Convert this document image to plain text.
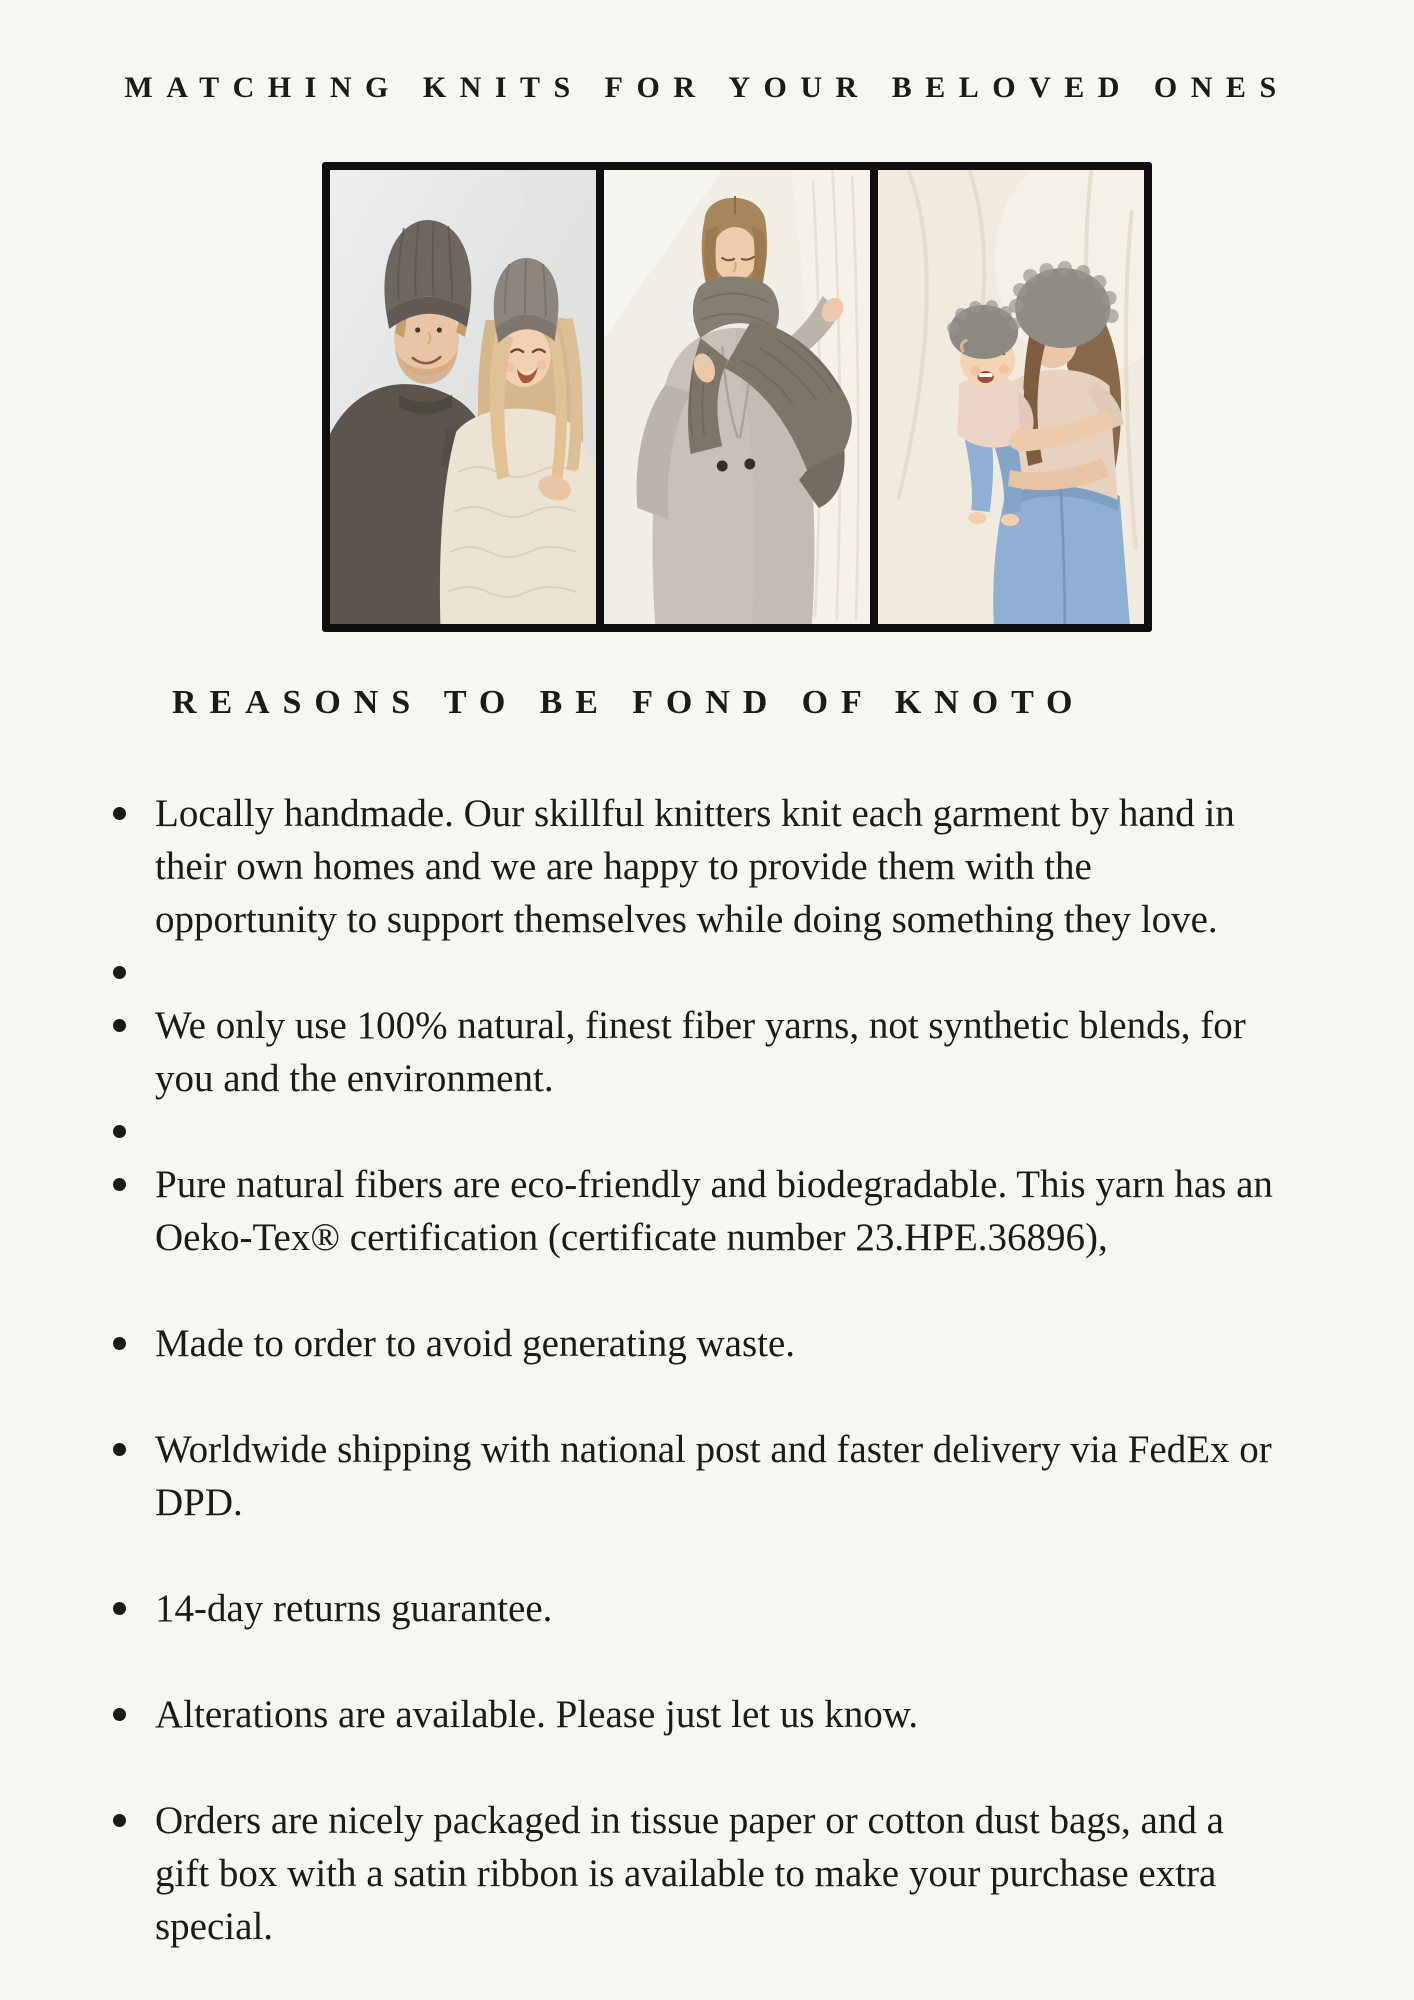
MATCHING KNITS FOR YOUR BELOVED ONES
REASONS TO BE FOND OF KNOTO
Locally handmade. Our skillful knitters knit each garment by hand in
their own homes and we are happy to provide them with the
opportunity to support themselves while doing something they love.
We only use 100% natural, finest fiber yarns, not synthetic blends, for
you and the environment.
Pure natural fibers are eco-friendly and biodegradable. This yarn has an
Oeko-Tex® certification (certificate number 23.HPE.36896),
Made to order to avoid generating waste.
Worldwide shipping with national post and faster delivery via FedEx or
DPD.
14-day returns guarantee.
Alterations are available. Please just let us know.
Orders are nicely packaged in tissue paper or cotton dust bags, and a
gift box with a satin ribbon is available to make your purchase extra
special.
